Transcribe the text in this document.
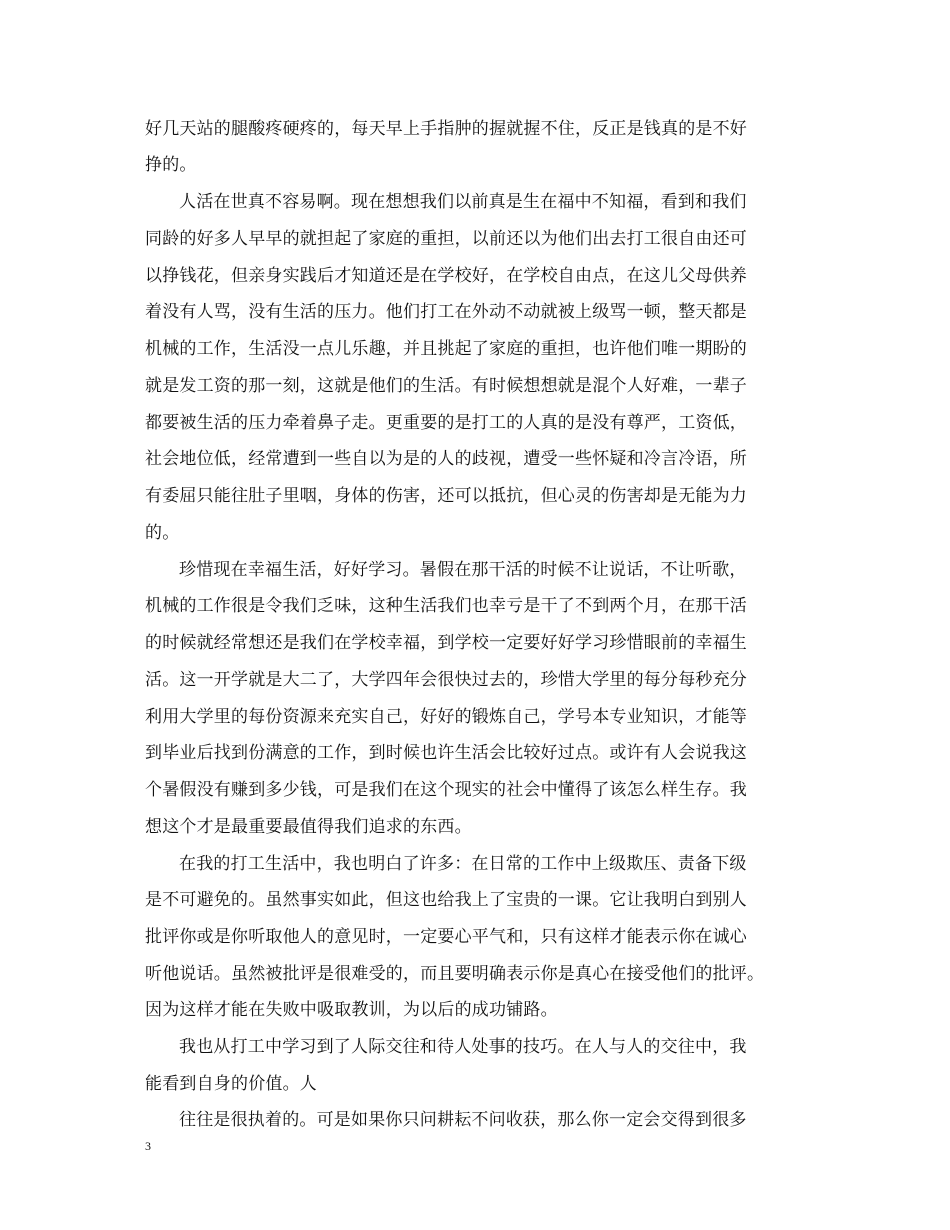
好几天站的腿酸疼硬疼的，每天早上手指肿的握就握不住，反正是钱真的是不好
挣的。
人活在世真不容易啊。现在想想我们以前真是生在福中不知福，看到和我们
同龄的好多人早早的就担起了家庭的重担，以前还以为他们出去打工很自由还可
以挣钱花，但亲身实践后才知道还是在学校好，在学校自由点，在这儿父母供养
着没有人骂，没有生活的压力。他们打工在外动不动就被上级骂一顿，整天都是
机械的工作，生活没一点儿乐趣，并且挑起了家庭的重担，也许他们唯一期盼的
就是发工资的那一刻，这就是他们的生活。有时候想想就是混个人好难，一辈子
都要被生活的压力牵着鼻子走。更重要的是打工的人真的是没有尊严，工资低，
社会地位低，经常遭到一些自以为是的人的歧视，遭受一些怀疑和冷言冷语，所
有委屈只能往肚子里咽，身体的伤害，还可以抵抗，但心灵的伤害却是无能为力
的。
珍惜现在幸福生活，好好学习。暑假在那干活的时候不让说话，不让听歌，
机械的工作很是令我们乏味，这种生活我们也幸亏是干了不到两个月，在那干活
的时候就经常想还是我们在学校幸福，到学校一定要好好学习珍惜眼前的幸福生
活。这一开学就是大二了，大学四年会很快过去的，珍惜大学里的每分每秒充分
利用大学里的每份资源来充实自己，好好的锻炼自己，学号本专业知识，才能等
到毕业后找到份满意的工作，到时候也许生活会比较好过点。或许有人会说我这
个暑假没有赚到多少钱，可是我们在这个现实的社会中懂得了该怎么样生存。我
想这个才是最重要最值得我们追求的东西。
在我的打工生活中，我也明白了许多：在日常的工作中上级欺压、责备下级
是不可避免的。虽然事实如此，但这也给我上了宝贵的一课。它让我明白到别人
批评你或是你听取他人的意见时，一定要心平气和，只有这样才能表示你在诚心
听他说话。虽然被批评是很难受的，而且要明确表示你是真心在接受他们的批评。
因为这样才能在失败中吸取教训，为以后的成功铺路。
我也从打工中学习到了人际交往和待人处事的技巧。在人与人的交往中，我
能看到自身的价值。人
往往是很执着的。可是如果你只问耕耘不问收获，那么你一定会交得到很多
3
